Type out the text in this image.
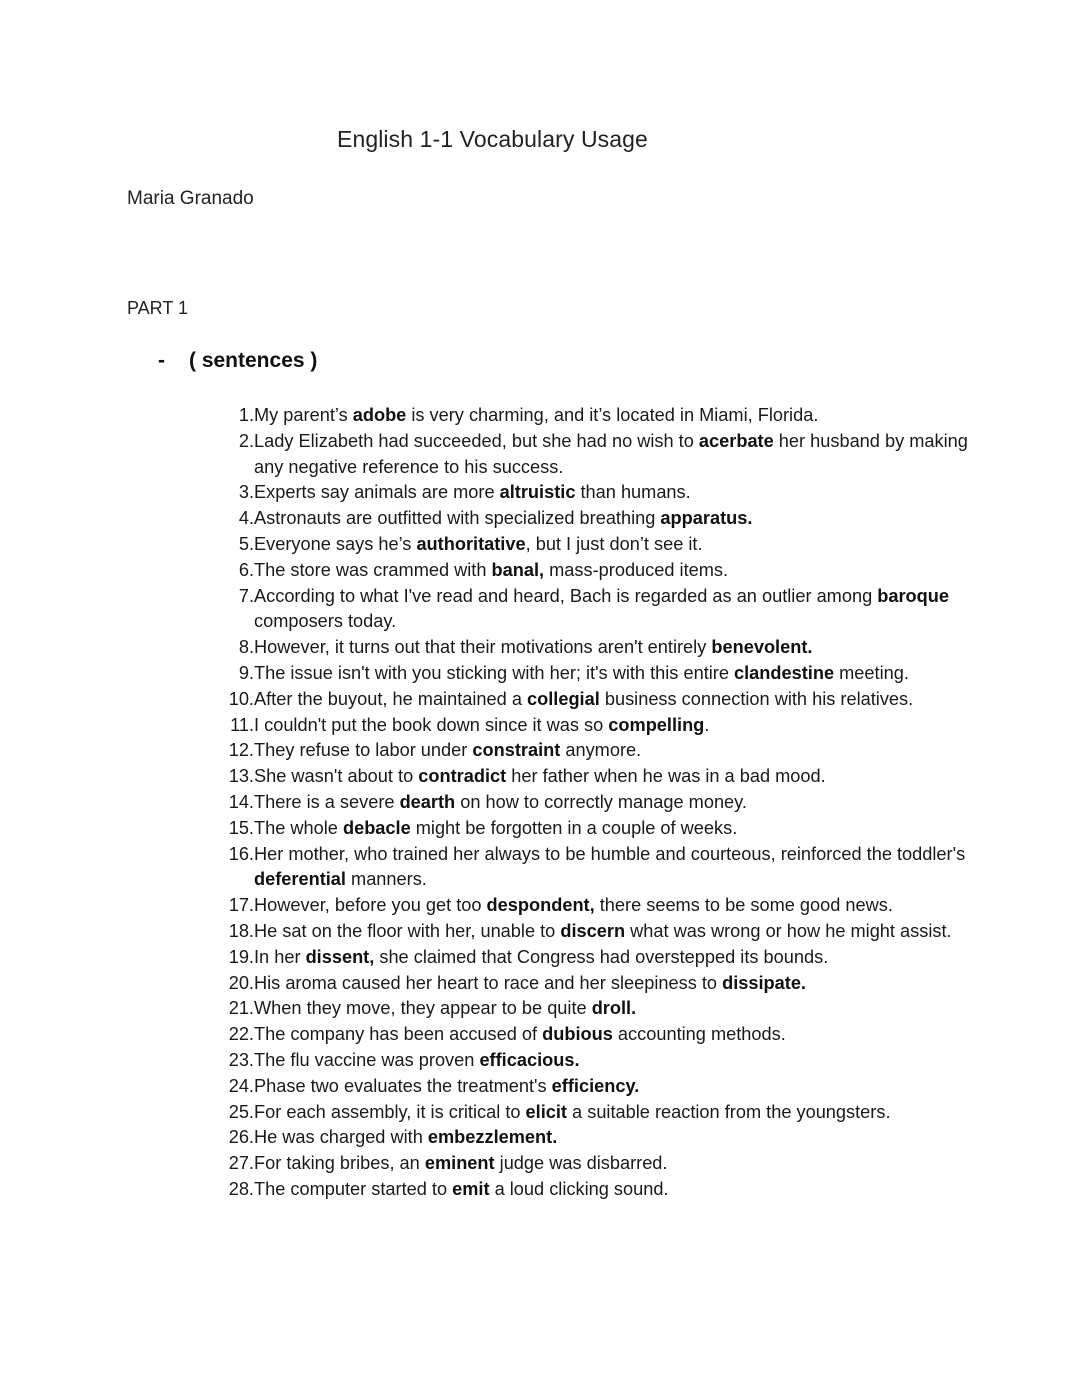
English 1-1 Vocabulary Usage
Maria Granado
PART 1
-	( sentences )
1. My parent’s adobe is very charming, and it’s located in Miami, Florida.
2. Lady Elizabeth had succeeded, but she had no wish to acerbate her husband by making any negative reference to his success.
3. Experts say animals are more altruistic than humans.
4. Astronauts are outfitted with specialized breathing apparatus.
5. Everyone says he’s authoritative, but I just don’t see it.
6. The store was crammed with banal, mass-produced items.
7. According to what I've read and heard, Bach is regarded as an outlier among baroque composers today.
8. However, it turns out that their motivations aren't entirely benevolent.
9. The issue isn't with you sticking with her; it's with this entire clandestine meeting.
10. After the buyout, he maintained a collegial business connection with his relatives.
11. I couldn't put the book down since it was so compelling.
12. They refuse to labor under constraint anymore.
13. She wasn't about to contradict her father when he was in a bad mood.
14. There is a severe dearth on how to correctly manage money.
15. The whole debacle might be forgotten in a couple of weeks.
16. Her mother, who trained her always to be humble and courteous, reinforced the toddler's deferential manners.
17. However, before you get too despondent, there seems to be some good news.
18. He sat on the floor with her, unable to discern what was wrong or how he might assist.
19. In her dissent, she claimed that Congress had overstepped its bounds.
20. His aroma caused her heart to race and her sleepiness to dissipate.
21. When they move, they appear to be quite droll.
22. The company has been accused of dubious accounting methods.
23. The flu vaccine was proven efficacious.
24. Phase two evaluates the treatment's efficiency.
25. For each assembly, it is critical to elicit a suitable reaction from the youngsters.
26. He was charged with embezzlement.
27. For taking bribes, an eminent judge was disbarred.
28. The computer started to emit a loud clicking sound.
